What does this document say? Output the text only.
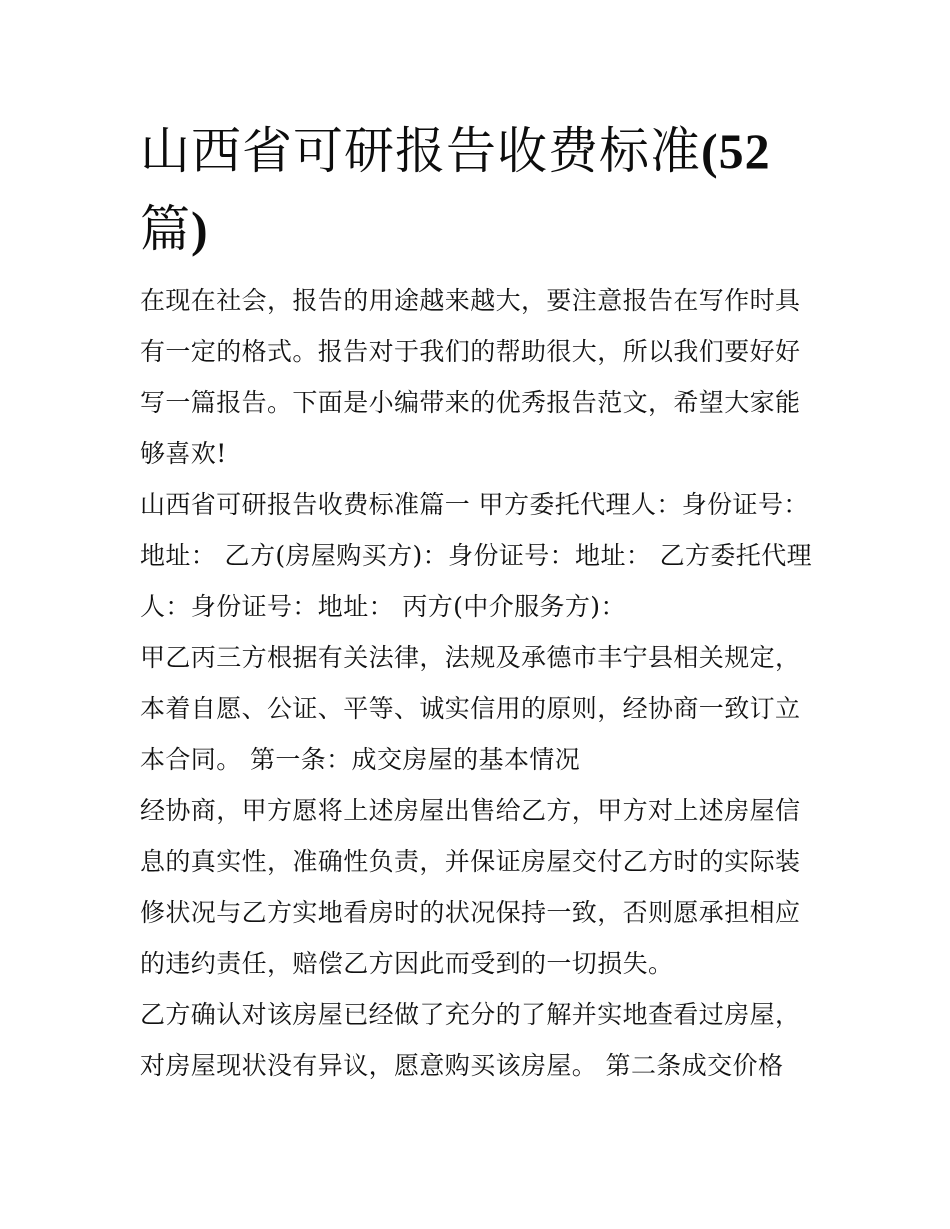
山西省可研报告收费标准(52
篇)

在现在社会，报告的用途越来越大，要注意报告在写作时具有一定的格式。报告对于我们的帮助很大，所以我们要好好写一篇报告。下面是小编带来的优秀报告范文，希望大家能够喜欢!

山西省可研报告收费标准篇一 甲方委托代理人：身份证号：地址： 乙方(房屋购买方)：身份证号：地址： 乙方委托代理人：身份证号：地址： 丙方(中介服务方)：

甲乙丙三方根据有关法律，法规及承德市丰宁县相关规定，本着自愿、公证、平等、诚实信用的原则，经协商一致订立本合同。 第一条：成交房屋的基本情况

经协商，甲方愿将上述房屋出售给乙方，甲方对上述房屋信息的真实性，准确性负责，并保证房屋交付乙方时的实际装修状况与乙方实地看房时的状况保持一致，否则愿承担相应的违约责任，赔偿乙方因此而受到的一切损失。

乙方确认对该房屋已经做了充分的了解并实地查看过房屋，对房屋现状没有异议，愿意购买该房屋。 第二条成交价格
